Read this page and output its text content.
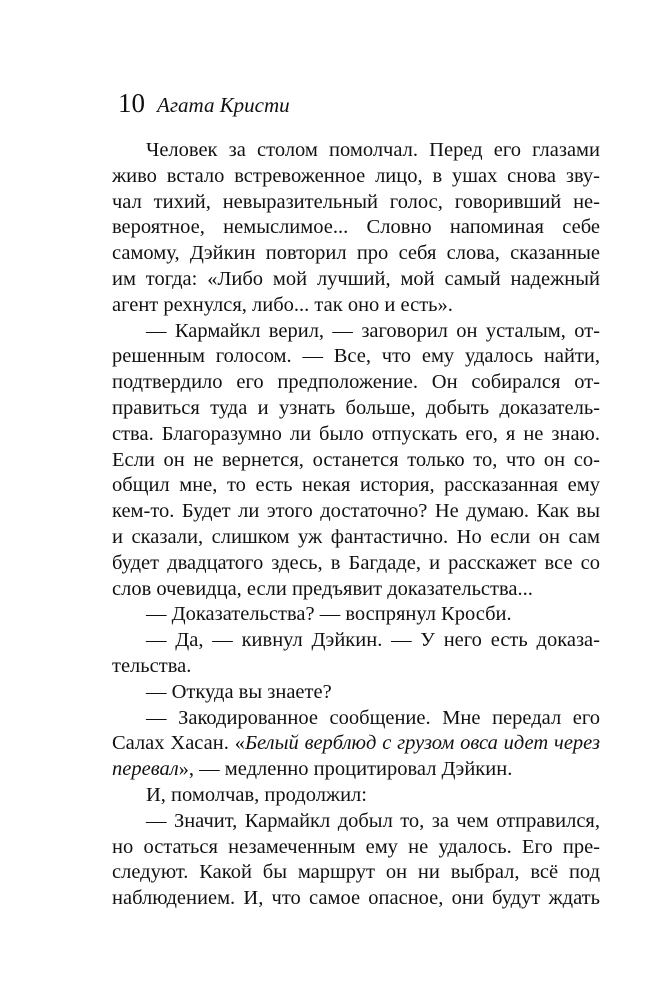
10 Агата Кристи
Человек за столом помолчал. Перед его глазами
живо встало встревоженное лицо, в ушах снова зву-
чал тихий, невыразительный голос, говоривший не-
вероятное, немыслимое... Словно напоминая себе
самому, Дэйкин повторил про себя слова, сказанные
им тогда: «Либо мой лучший, мой самый надежный
агент рехнулся, либо... так оно и есть».
— Кармайкл верил, — заговорил он усталым, от-
решенным голосом. — Все, что ему удалось найти,
подтвердило его предположение. Он собирался от-
правиться туда и узнать больше, добыть доказатель-
ства. Благоразумно ли было отпускать его, я не знаю.
Если он не вернется, останется только то, что он со-
общил мне, то есть некая история, рассказанная ему
кем-то. Будет ли этого достаточно? Не думаю. Как вы
и сказали, слишком уж фантастично. Но если он сам
будет двадцатого здесь, в Багдаде, и расскажет все со
слов очевидца, если предъявит доказательства...
— Доказательства? — воспрянул Кросби.
— Да, — кивнул Дэйкин. — У него есть доказа-
тельства.
— Откуда вы знаете?
— Закодированное сообщение. Мне передал его
Салах Хасан. «Белый верблюд с грузом овса идет через
перевал», — медленно процитировал Дэйкин.
И, помолчав, продолжил:
— Значит, Кармайкл добыл то, за чем отправился,
но остаться незамеченным ему не удалось. Его пре-
следуют. Какой бы маршрут он ни выбрал, всё под
наблюдением. И, что самое опасное, они будут ждать
